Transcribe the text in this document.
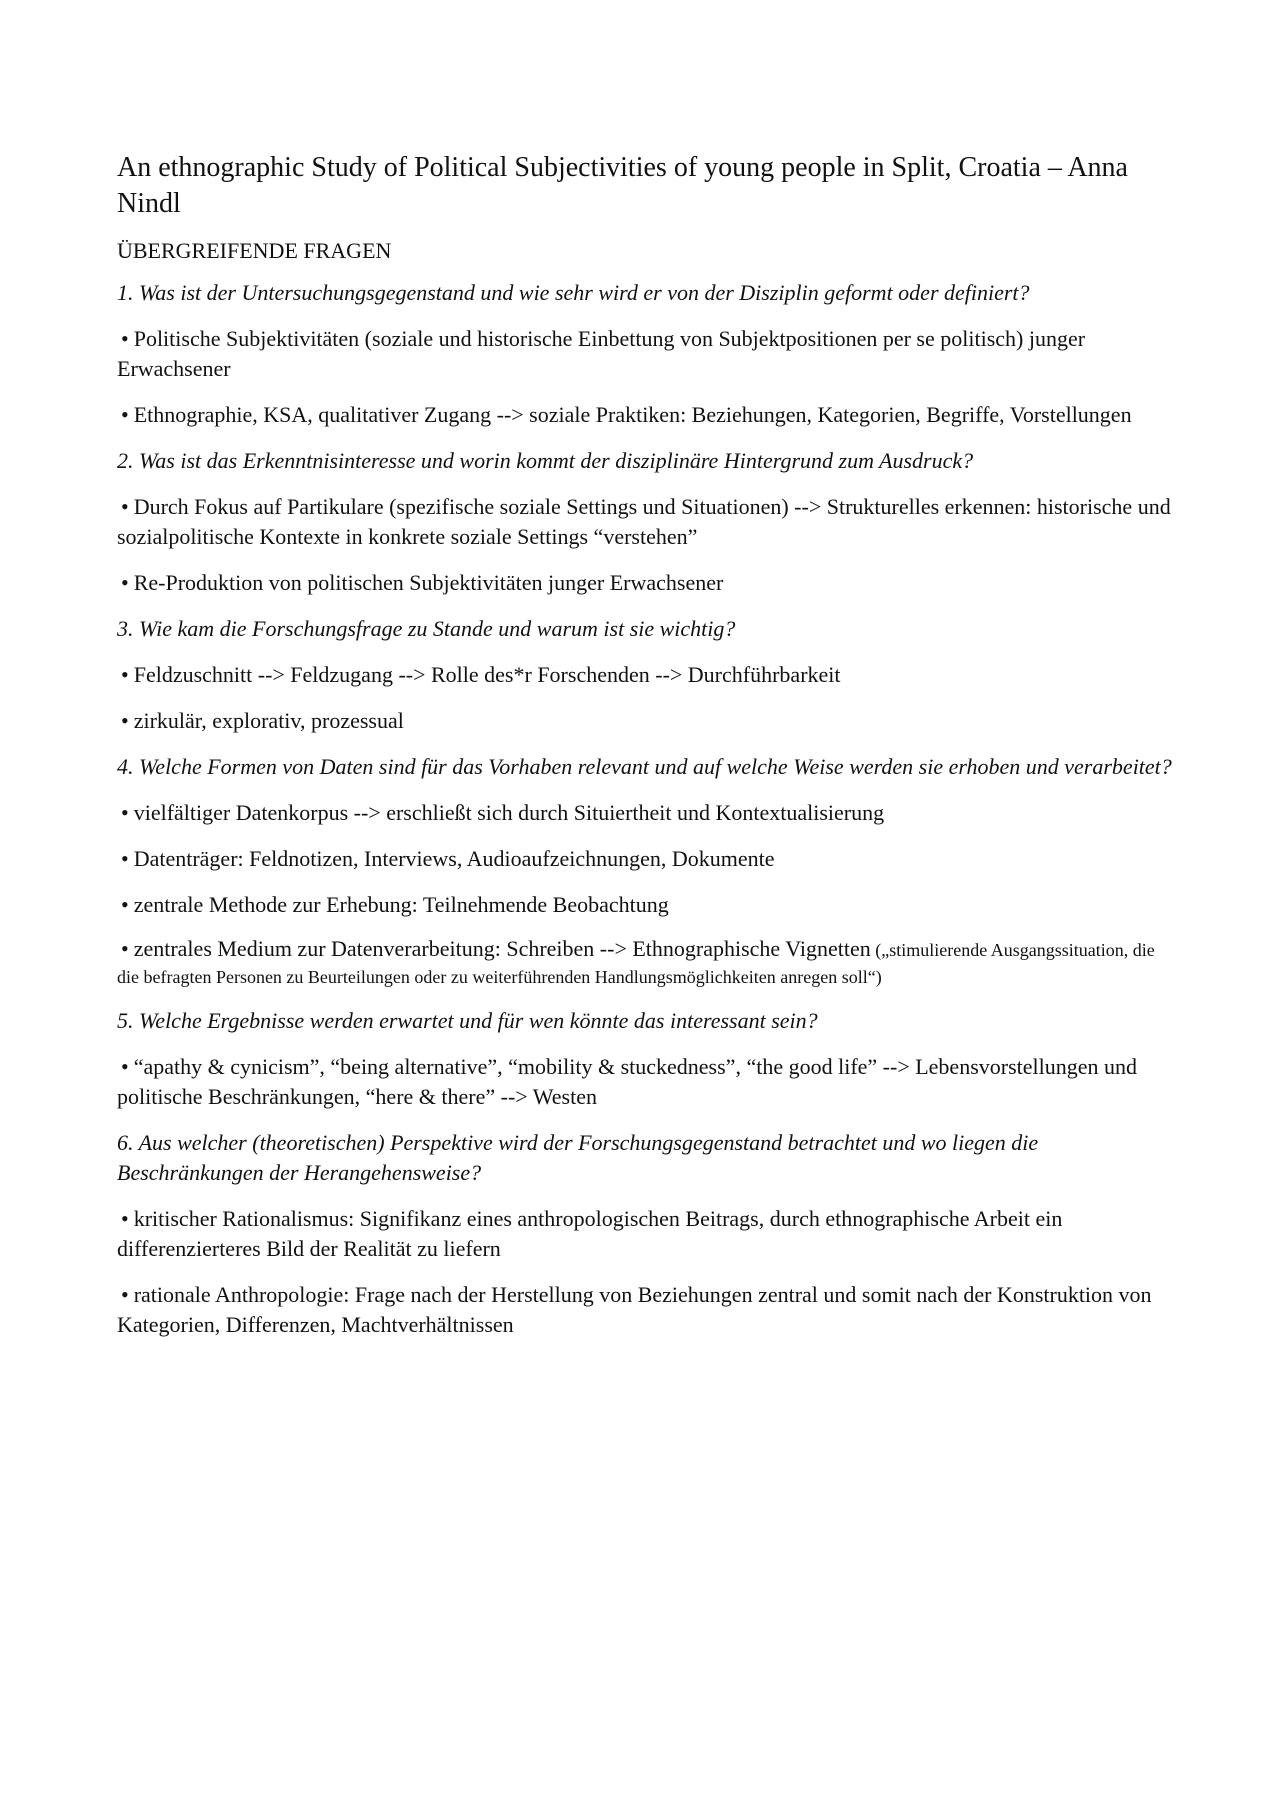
An ethnographic Study of Political Subjectivities of young people in Split, Croatia – Anna Nindl
ÜBERGREIFENDE FRAGEN
1. Was ist der Untersuchungsgegenstand und wie sehr wird er von der Disziplin geformt oder definiert?
• Politische Subjektivitäten (soziale und historische Einbettung von Subjektpositionen per se politisch) junger Erwachsener
• Ethnographie, KSA, qualitativer Zugang --> soziale Praktiken: Beziehungen, Kategorien, Begriffe, Vorstellungen
2. Was ist das Erkenntnisinteresse und worin kommt der disziplinäre Hintergrund zum Ausdruck?
• Durch Fokus auf Partikulare (spezifische soziale Settings und Situationen) --> Strukturelles erkennen: historische und sozialpolitische Kontexte in konkrete soziale Settings “verstehen”
• Re-Produktion von politischen Subjektivitäten junger Erwachsener
3. Wie kam die Forschungsfrage zu Stande und warum ist sie wichtig?
• Feldzuschnitt --> Feldzugang --> Rolle des*r Forschenden --> Durchführbarkeit
• zirkulär, explorativ, prozessual
4. Welche Formen von Daten sind für das Vorhaben relevant und auf welche Weise werden sie erhoben und verarbeitet?
• vielfältiger Datenkorpus --> erschließt sich durch Situiertheit und Kontextualisierung
• Datenträger: Feldnotizen, Interviews, Audioaufzeichnungen, Dokumente
• zentrale Methode zur Erhebung: Teilnehmende Beobachtung
• zentrales Medium zur Datenverarbeitung: Schreiben --> Ethnographische Vignetten („stimulierende Ausgangssituation, die die befragten Personen zu Beurteilungen oder zu weiterführenden Handlungsmöglichkeiten anregen soll“)
5. Welche Ergebnisse werden erwartet und für wen könnte das interessant sein?
• “apathy & cynicism”, “being alternative”, “mobility & stuckedness”, “the good life” --> Lebensvorstellungen und politische Beschränkungen, “here & there” --> Westen
6. Aus welcher (theoretischen) Perspektive wird der Forschungsgegenstand betrachtet und wo liegen die Beschränkungen der Herangehensweise?
• kritischer Rationalismus: Signifikanz eines anthropologischen Beitrags, durch ethnographische Arbeit ein differenzierteres Bild der Realität zu liefern
• rationale Anthropologie: Frage nach der Herstellung von Beziehungen zentral und somit nach der Konstruktion von Kategorien, Differenzen, Machtverhältnissen
